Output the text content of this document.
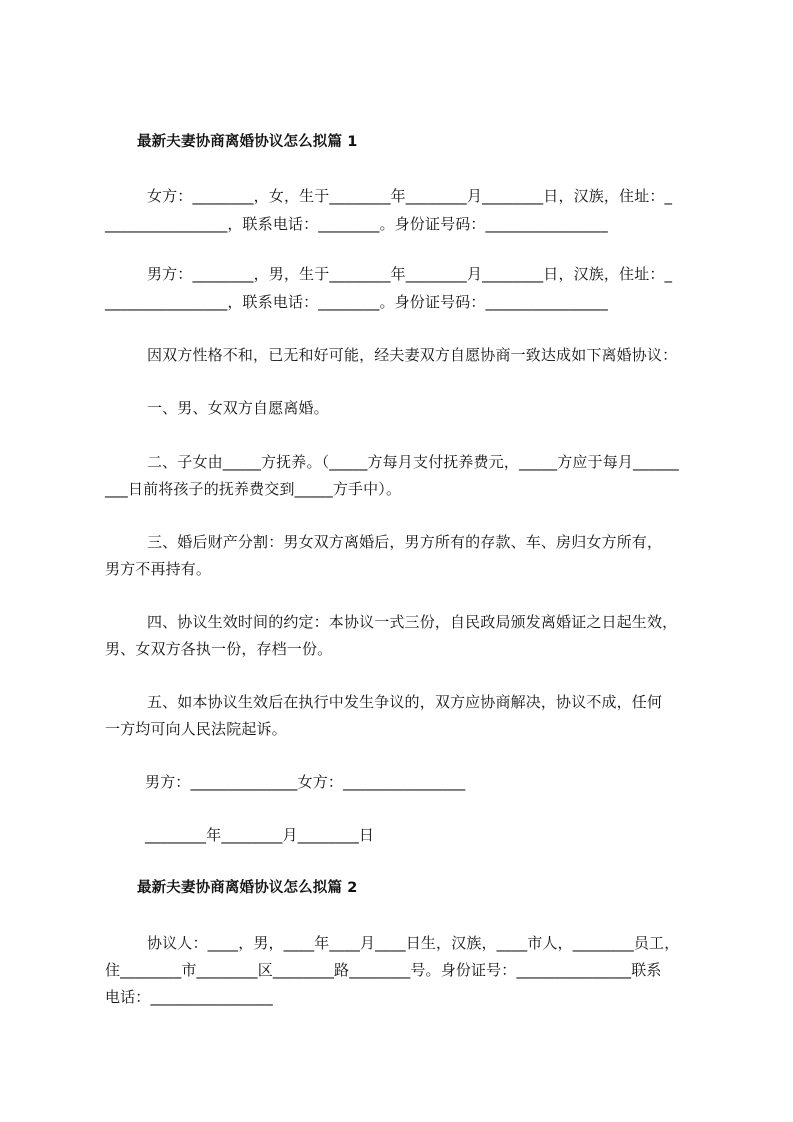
最新夫妻协商离婚协议怎么拟篇 1
女方：________，女，生于________年________月________日，汉族，住址：_
________________，联系电话：________。身份证号码：________________
男方：________，男，生于________年________月________日，汉族，住址：_
________________，联系电话：________。身份证号码：________________
因双方性格不和，已无和好可能，经夫妻双方自愿协商一致达成如下离婚协议：
一、男、女双方自愿离婚。
二、子女由_____方抚养。（_____方每月支付抚养费元，_____方应于每月______
___日前将孩子的抚养费交到_____方手中）。
三、婚后财产分割：男女双方离婚后，男方所有的存款、车、房归女方所有，
男方不再持有。
四、协议生效时间的约定：本协议一式三份，自民政局颁发离婚证之日起生效，
男、女双方各执一份，存档一份。
五、如本协议生效后在执行中发生争议的，双方应协商解决，协议不成，任何
一方均可向人民法院起诉。
男方：______________女方：________________
________年________月________日
最新夫妻协商离婚协议怎么拟篇 2
协议人：____，男，____年____月____日生，汉族，____市人，________员工，
住________市________区________路________号。身份证号：_______________联系
电话：________________
